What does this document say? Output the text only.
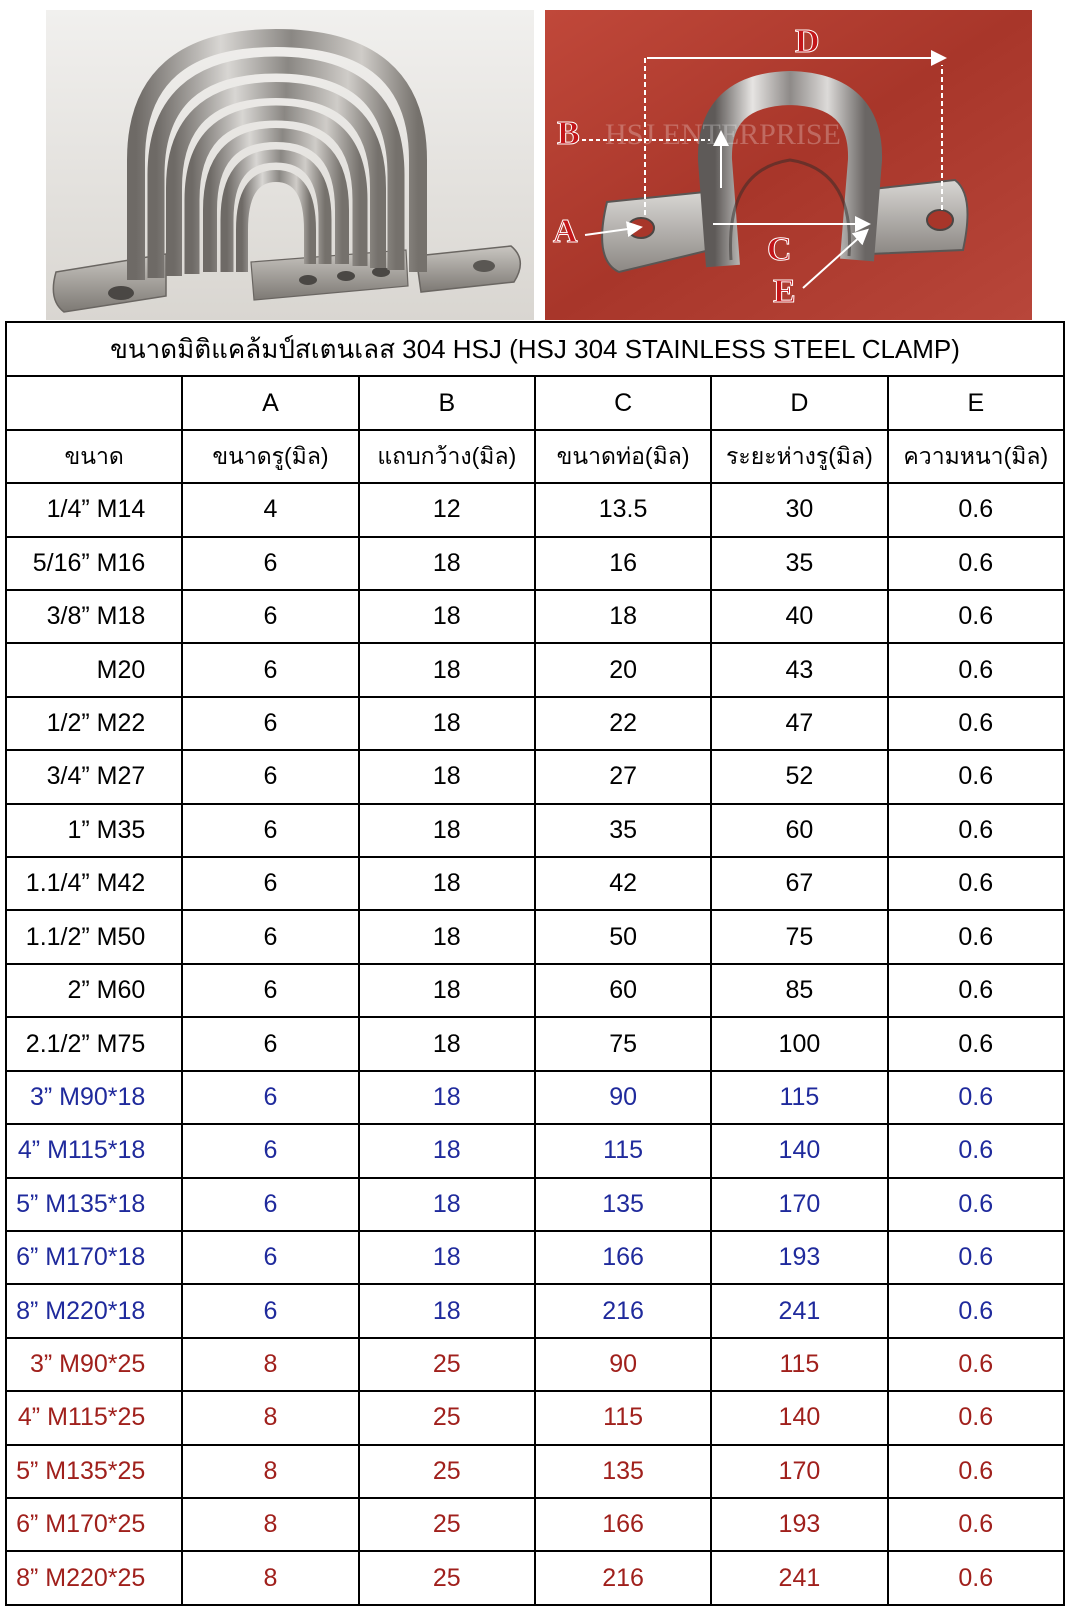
D
B
A	C
E
HSJ ENTERPRISE
ขนาดมิติแคล้มป์สเตนเลส 304 HSJ (HSJ 304 STAINLESS STEEL CLAMP)					
	A	B	C	D	E
ขนาด	ขนาดรู(มิล)	แถบกว้าง(มิล)	ขนาดท่อ(มิล)	ระยะห่างรู(มิล)	ความหนา(มิล)
1/4” M14	4	12	13.5	30	0.6
5/16” M16	6	18	16	35	0.6
3/8” M18	6	18	18	40	0.6
M20	6	18	20	43	0.6
1/2” M22	6	18	22	47	0.6
3/4” M27	6	18	27	52	0.6
1” M35	6	18	35	60	0.6
1.1/4” M42	6	18	42	67	0.6
1.1/2” M50	6	18	50	75	0.6
2” M60	6	18	60	85	0.6
2.1/2” M75	6	18	75	100	0.6
3” M90*18	6	18	90	115	0.6
4” M115*18	6	18	115	140	0.6
5” M135*18	6	18	135	170	0.6
6” M170*18	6	18	166	193	0.6
8” M220*18	6	18	216	241	0.6
3” M90*25	8	25	90	115	0.6
4” M115*25	8	25	115	140	0.6
5” M135*25	8	25	135	170	0.6
6” M170*25	8	25	166	193	0.6
8” M220*25	8	25	216	241	0.6
